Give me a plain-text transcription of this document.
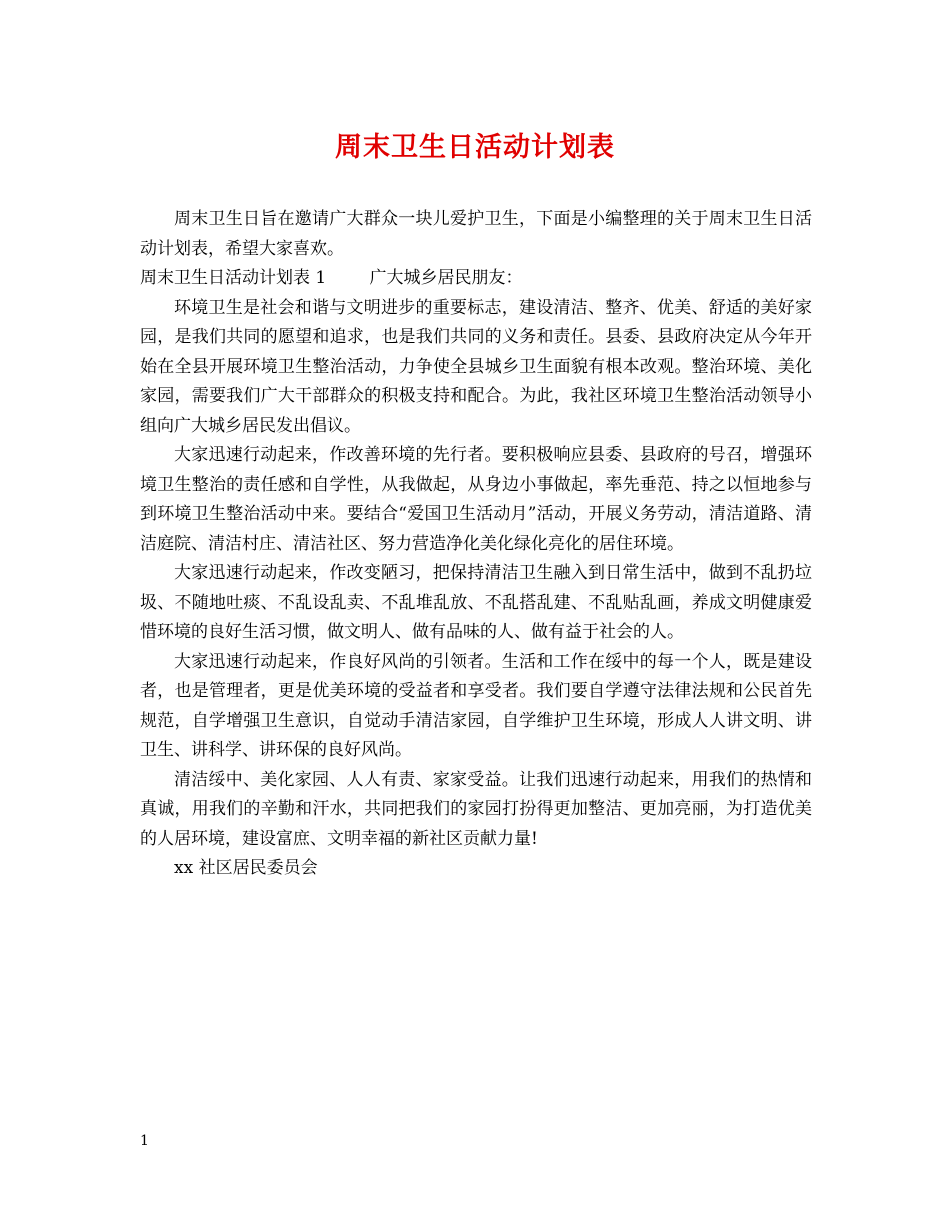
周末卫生日活动计划表

周末卫生日旨在邀请广大群众一块儿爱护卫生，下面是小编整理的关于周末卫生日活动计划表，希望大家喜欢。

周末卫生日活动计划表 1        广大城乡居民朋友：

环境卫生是社会和谐与文明进步的重要标志，建设清洁、整齐、优美、舒适的美好家园，是我们共同的愿望和追求，也是我们共同的义务和责任。县委、县政府决定从今年开始在全县开展环境卫生整治活动，力争使全县城乡卫生面貌有根本改观。整治环境、美化家园，需要我们广大干部群众的积极支持和配合。为此，我社区环境卫生整治活动领导小组向广大城乡居民发出倡议。

大家迅速行动起来，作改善环境的先行者。要积极响应县委、县政府的号召，增强环境卫生整治的责任感和自学性，从我做起，从身边小事做起，率先垂范、持之以恒地参与到环境卫生整治活动中来。要结合“爱国卫生活动月”活动，开展义务劳动，清洁道路、清洁庭院、清洁村庄、清洁社区、努力营造净化美化绿化亮化的居住环境。

大家迅速行动起来，作改变陋习，把保持清洁卫生融入到日常生活中，做到不乱扔垃圾、不随地吐痰、不乱设乱卖、不乱堆乱放、不乱搭乱建、不乱贴乱画，养成文明健康爱惜环境的良好生活习惯，做文明人、做有品味的人、做有益于社会的人。

大家迅速行动起来，作良好风尚的引领者。生活和工作在绥中的每一个人，既是建设者，也是管理者，更是优美环境的受益者和享受者。我们要自学遵守法律法规和公民首先规范，自学增强卫生意识，自觉动手清洁家园，自学维护卫生环境，形成人人讲文明、讲卫生、讲科学、讲环保的良好风尚。

清洁绥中、美化家园、人人有责、家家受益。让我们迅速行动起来，用我们的热情和真诚，用我们的辛勤和汗水，共同把我们的家园打扮得更加整洁、更加亮丽，为打造优美的人居环境，建设富庶、文明幸福的新社区贡献力量!

xx 社区居民委员会

1
